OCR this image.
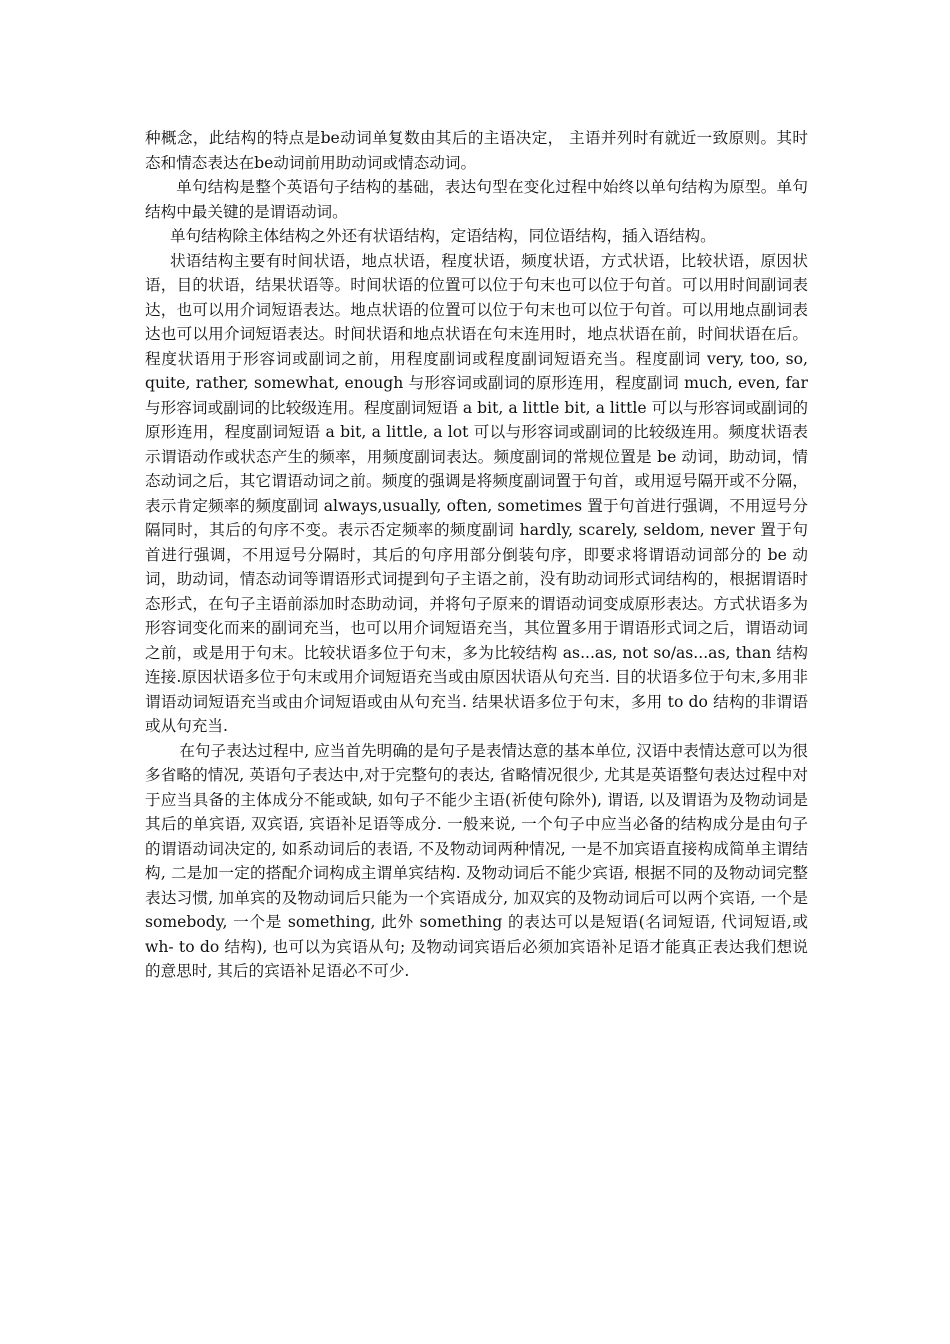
种概念，此结构的特点是be动词单复数由其后的主语决定， 主语并列时有就近一致原则。其时态和情态表达在be动词前用助动词或情态动词。

单句结构是整个英语句子结构的基础，表达句型在变化过程中始终以单句结构为原型。单句结构中最关键的是谓语动词。

单句结构除主体结构之外还有状语结构，定语结构，同位语结构，插入语结构。

状语结构主要有时间状语，地点状语，程度状语，频度状语，方式状语，比较状语，原因状语，目的状语，结果状语等。时间状语的位置可以位于句末也可以位于句首。可以用时间副词表达，也可以用介词短语表达。地点状语的位置可以位于句末也可以位于句首。可以用地点副词表达也可以用介词短语表达。时间状语和地点状语在句末连用时，地点状语在前，时间状语在后。程度状语用于形容词或副词之前，用程度副词或程度副词短语充当。程度副词 very, too, so, quite, rather, somewhat, enough 与形容词或副词的原形连用，程度副词 much, even, far 与形容词或副词的比较级连用。程度副词短语 a bit, a little bit, a little 可以与形容词或副词的原形连用，程度副词短语 a bit, a little, a lot 可以与形容词或副词的比较级连用。频度状语表示谓语动作或状态产生的频率，用频度副词表达。频度副词的常规位置是 be 动词，助动词，情态动词之后，其它谓语动词之前。频度的强调是将频度副词置于句首，或用逗号隔开或不分隔，表示肯定频率的频度副词 always,usually, often, sometimes 置于句首进行强调，不用逗号分隔同时，其后的句序不变。表示否定频率的频度副词 hardly, scarely, seldom, never 置于句首进行强调，不用逗号分隔时，其后的句序用部分倒装句序，即要求将谓语动词部分的 be 动词，助动词，情态动词等谓语形式词提到句子主语之前，没有助动词形式词结构的，根据谓语时态形式，在句子主语前添加时态助动词，并将句子原来的谓语动词变成原形表达。方式状语多为形容词变化而来的副词充当，也可以用介词短语充当，其位置多用于谓语形式词之后，谓语动词之前，或是用于句末。比较状语多位于句末，多为比较结构 as...as, not so/as...as, than 结构连接.原因状语多位于句末或用介词短语充当或由原因状语从句充当. 目的状语多位于句末,多用非谓语动词短语充当或由介词短语或由从句充当. 结果状语多位于句末，多用 to do 结构的非谓语或从句充当.

在句子表达过程中, 应当首先明确的是句子是表情达意的基本单位, 汉语中表情达意可以为很多省略的情况, 英语句子表达中,对于完整句的表达, 省略情况很少, 尤其是英语整句表达过程中对于应当具备的主体成分不能或缺, 如句子不能少主语(祈使句除外), 谓语, 以及谓语为及物动词是其后的单宾语, 双宾语, 宾语补足语等成分. 一般来说, 一个句子中应当必备的结构成分是由句子的谓语动词决定的, 如系动词后的表语, 不及物动词两种情况, 一是不加宾语直接构成简单主谓结构, 二是加一定的搭配介词构成主谓单宾结构. 及物动词后不能少宾语, 根据不同的及物动词完整表达习惯, 加单宾的及物动词后只能为一个宾语成分, 加双宾的及物动词后可以两个宾语, 一个是 somebody, 一个是 something, 此外 something 的表达可以是短语(名词短语, 代词短语,或 wh- to do 结构), 也可以为宾语从句; 及物动词宾语后必须加宾语补足语才能真正表达我们想说的意思时, 其后的宾语补足语必不可少.
